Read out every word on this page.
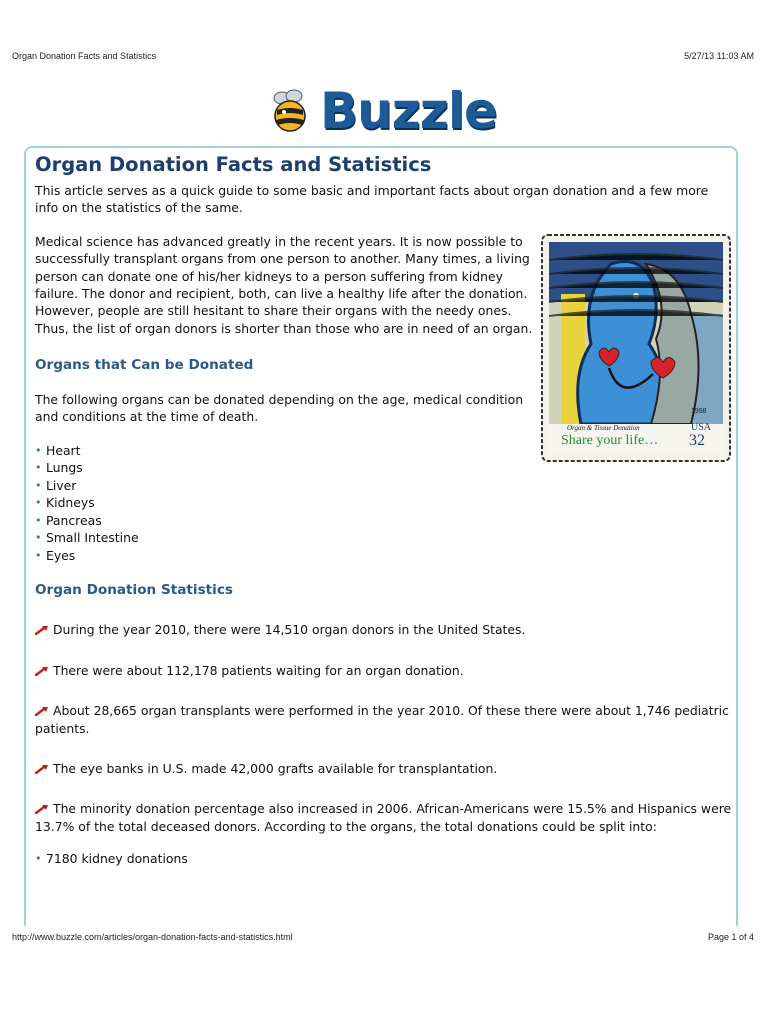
Organ Donation Facts and Statistics	5/27/13 11:03 AM
Buzzle
Organ Donation Facts and Statistics

This article serves as a quick guide to some basic and important facts about organ donation and a few more info on the statistics of the same.

Medical science has advanced greatly in the recent years. It is now possible to successfully transplant organs from one person to another. Many times, a living person can donate one of his/her kidneys to a person suffering from kidney failure. The donor and recipient, both, can live a healthy life after the donation. However, people are still hesitant to share their organs with the needy ones. Thus, the list of organ donors is shorter than those who are in need of an organ.

Organs that Can be Donated

The following organs can be donated depending on the age, medical condition and conditions at the time of death.

• Heart
• Lungs
• Liver
• Kidneys
• Pancreas
• Small Intestine
• Eyes
Organ Donation Statistics

During the year 2010, there were 14,510 organ donors in the United States.

There were about 112,178 patients waiting for an organ donation.

About 28,665 organ transplants were performed in the year 2010. Of these there were about 1,746 pediatric patients.

The eye banks in U.S. made 42,000 grafts available for transplantation.

The minority donation percentage also increased in 2006. African-Americans were 15.5% and Hispanics were 13.7% of the total deceased donors. According to the organs, the total donations could be split into:

• 7180 kidney donations
1998
Organ & Tissue Donation
Share your life…
USA
32
http://www.buzzle.com/articles/organ-donation-facts-and-statistics.html	Page 1 of 4
